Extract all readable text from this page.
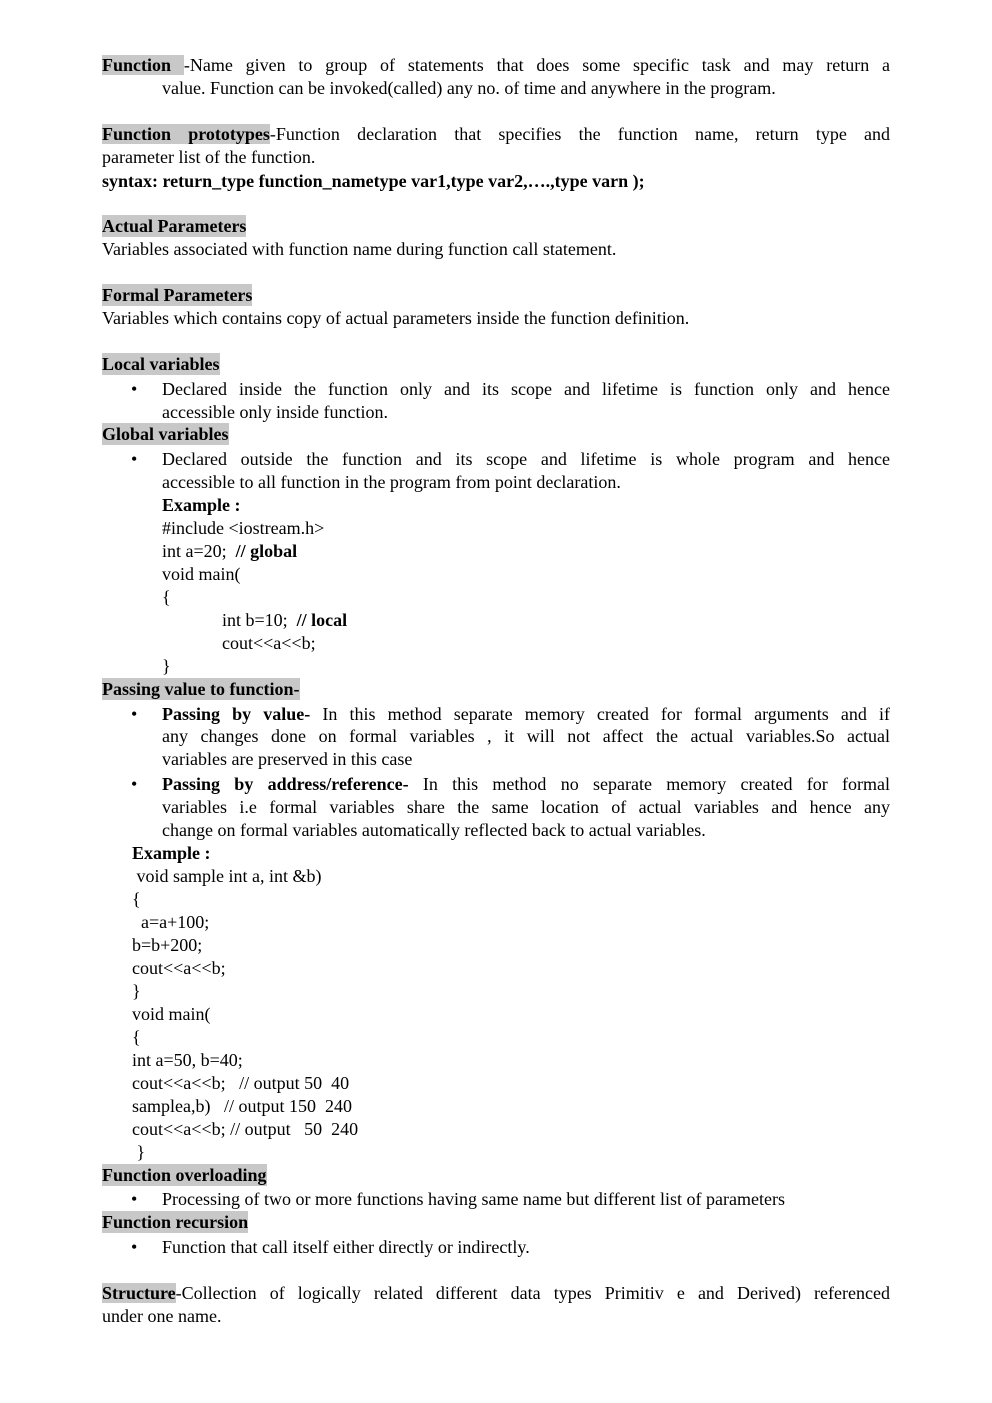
Function -Name given to group of statements that does some specific task and may return a
value. Function can be invoked(called) any no. of time and anywhere in the program.
Function prototypes-Function declaration that specifies the function name, return type and
parameter list of the function.
syntax: return_type function_nametype var1,type var2,….,type varn );
Actual Parameters
Variables associated with function name during function call statement.
Formal Parameters
Variables which contains copy of actual parameters inside the function definition.
Local variables
• Declared inside the function only and its scope and lifetime is function only and hence
accessible only inside function.
Global variables
• Declared outside the function and its scope and lifetime is whole program and hence
accessible to all function in the program from point declaration.
Example :
#include <iostream.h>
int a=20;  // global
void main(
{
int b=10;  // local
cout<<a<<b;
}
Passing value to function-
• Passing by value- In this method separate memory created for formal arguments and if
any changes done on formal variables , it will not affect the actual variables.So actual
variables are preserved in this case
• Passing by address/reference- In this method no separate memory created for formal
variables i.e formal variables share the same location of actual variables and hence any
change on formal variables automatically reflected back to actual variables.
Example :
void sample int a, int &b)
{
a=a+100;
b=b+200;
cout<<a<<b;
}
void main(
{
int a=50, b=40;
cout<<a<<b;   // output 50  40
samplea,b)   // output 150  240
cout<<a<<b; // output   50  240
}
Function overloading
• Processing of two or more functions having same name but different list of parameters
Function recursion
• Function that call itself either directly or indirectly.
Structure-Collection of logically related different data types Primitiv e and Derived) referenced
under one name.
